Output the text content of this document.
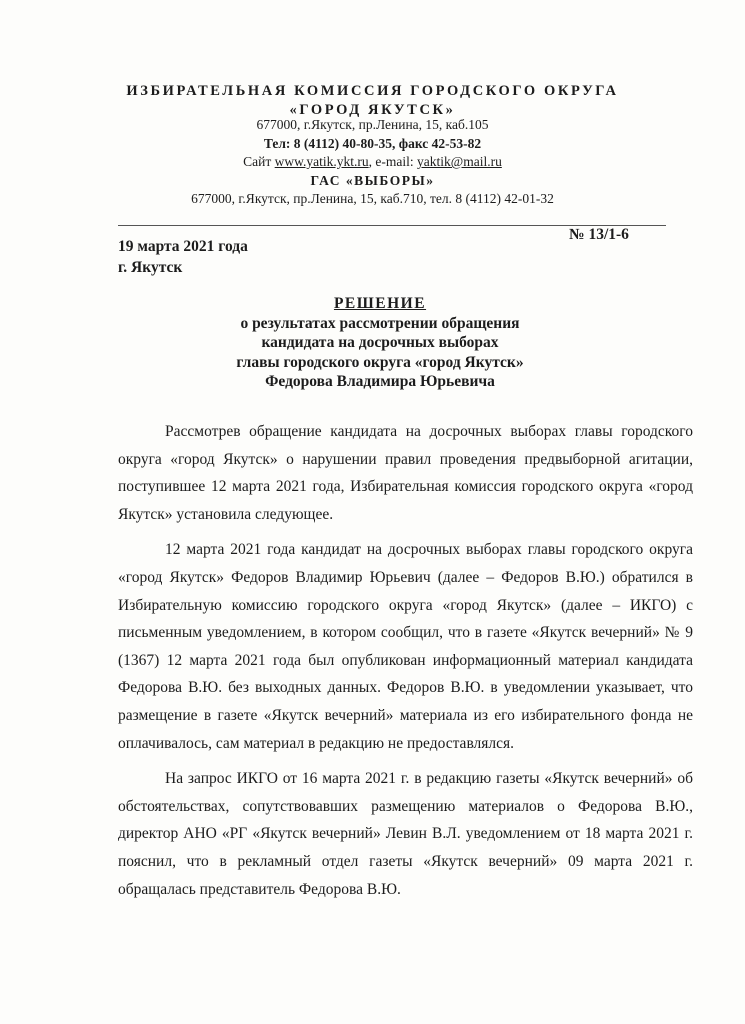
ИЗБИРАТЕЛЬНАЯ КОМИССИЯ ГОРОДСКОГО ОКРУГА
«ГОРОД ЯКУТСК»
677000, г.Якутск, пр.Ленина, 15, каб.105
Тел: 8 (4112) 40-80-35, факс 42-53-82
Сайт www.yatik.ykt.ru, e-mail: yaktik@mail.ru
ГАС «ВЫБОРЫ»
677000, г.Якутск, пр.Ленина, 15, каб.710, тел. 8 (4112) 42-01-32
19 марта 2021 года
г. Якутск
№ 13/1-6
РЕШЕНИЕ
о результатах рассмотрении обращения
кандидата на досрочных выборах
главы городского округа «город Якутск»
Федорова Владимира Юрьевича

Рассмотрев обращение кандидата на досрочных выборах главы городского округа «город Якутск» о нарушении правил проведения предвыборной агитации, поступившее 12 марта 2021 года, Избирательная комиссия городского округа «город Якутск» установила следующее.

12 марта 2021 года кандидат на досрочных выборах главы городского округа «город Якутск» Федоров Владимир Юрьевич (далее – Федоров В.Ю.) обратился в Избирательную комиссию городского округа «город Якутск» (далее – ИКГО) с письменным уведомлением, в котором сообщил, что в газете «Якутск вечерний» № 9 (1367) 12 марта 2021 года был опубликован информационный материал кандидата Федорова В.Ю. без выходных данных. Федоров В.Ю. в уведомлении указывает, что размещение в газете «Якутск вечерний» материала из его избирательного фонда не оплачивалось, сам материал в редакцию не предоставлялся.

На запрос ИКГО от 16 марта 2021 г. в редакцию газеты «Якутск вечерний» об обстоятельствах, сопутствовавших размещению материалов о Федорова В.Ю., директор АНО «РГ «Якутск вечерний» Левин В.Л. уведомлением от 18 марта 2021 г. пояснил, что в рекламный отдел газеты «Якутск вечерний» 09 марта 2021 г. обращалась представитель Федорова В.Ю.
